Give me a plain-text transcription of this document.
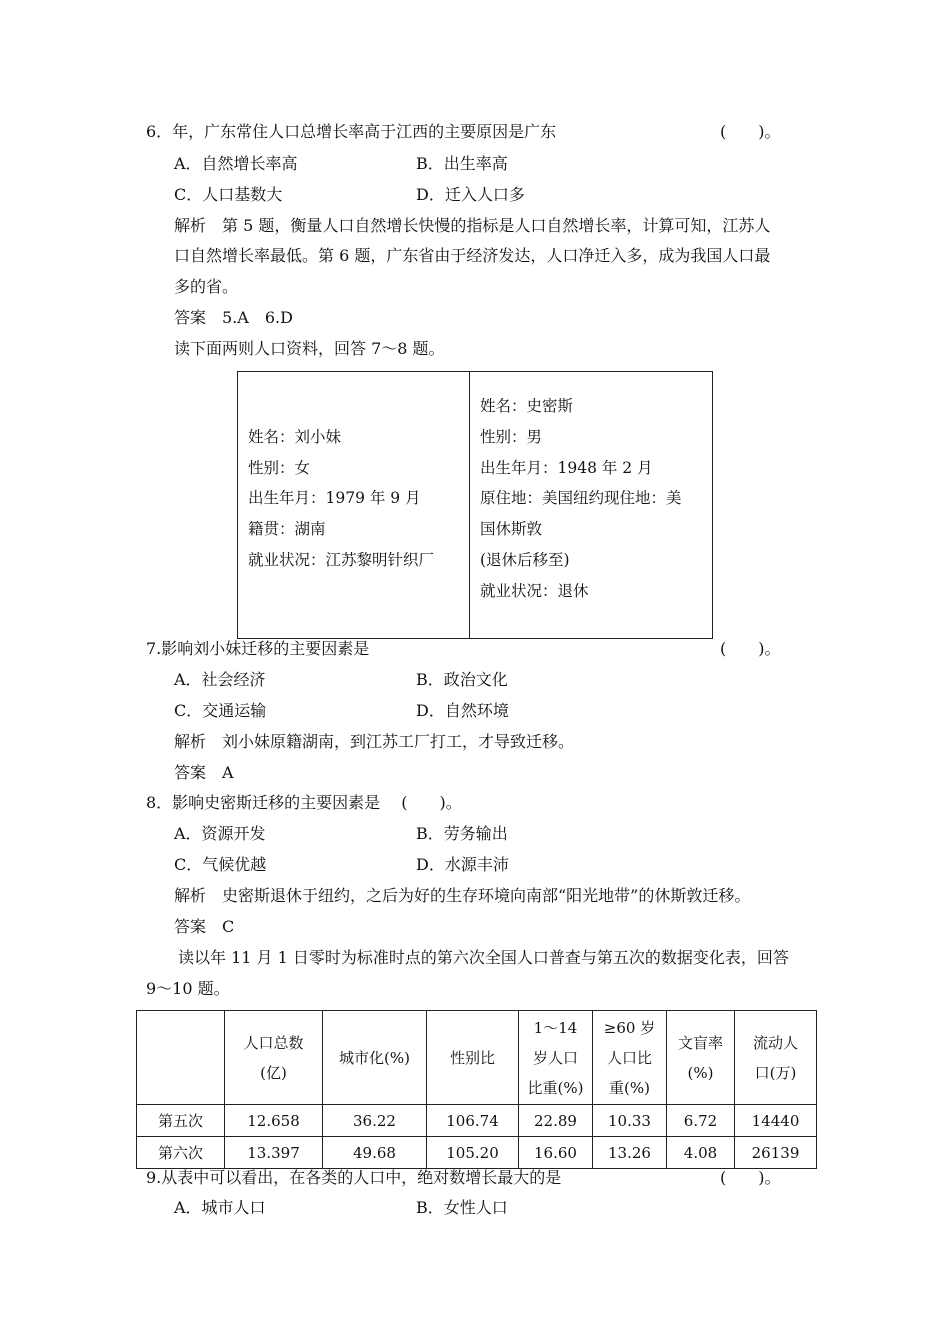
6．年，广东常住人口总增长率高于江西的主要原因是广东	(　　)。
A．自然增长率高	B．出生率高
C．人口基数大	D．迁入人口多
解析　第 5 题，衡量人口自然增长快慢的指标是人口自然增长率，计算可知，江苏人
口自然增长率最低。第 6 题，广东省由于经济发达，人口净迁入多，成为我国人口最
多的省。
答案　5.A　6.D
读下面两则人口资料，回答 7～8 题。
姓名：刘小妹
性别：女
出生年月：1979 年 9 月
籍贯：湖南
就业状况：江苏黎明针织厂
姓名：史密斯
性别：男
出生年月：1948 年 2 月
原住地：美国纽约现住地：美
国休斯敦
(退休后移至)
就业状况：退休
7.影响刘小妹迁移的主要因素是	(　　)。
A．社会经济	B．政治文化
C．交通运输	D．自然环境
解析　刘小妹原籍湖南，到江苏工厂打工，才导致迁移。
答案　A
8．影响史密斯迁移的主要因素是　 (　　)。
A．资源开发	B．劳务输出
C．气候优越	D．水源丰沛
解析　史密斯退休于纽约，之后为好的生存环境向南部“阳光地带”的休斯敦迁移。
答案　C
读以年 11 月 1 日零时为标准时点的第六次全国人口普查与第五次的数据变化表，回答
9～10 题。

	人口总数
(亿)	城市化(%)	性别比	1～14
岁人口
比重(%)	≥60 岁
人口比
重(%)	文盲率
(%)	流动人
口(万)

第五次	12.658	36.22	106.74	22.89	10.33	6.72	14440
第六次	13.397	49.68	105.20	16.60	13.26	4.08	26139
9.从表中可以看出，在各类的人口中，绝对数增长最大的是	(　　)。
A．城市人口	B．女性人口
